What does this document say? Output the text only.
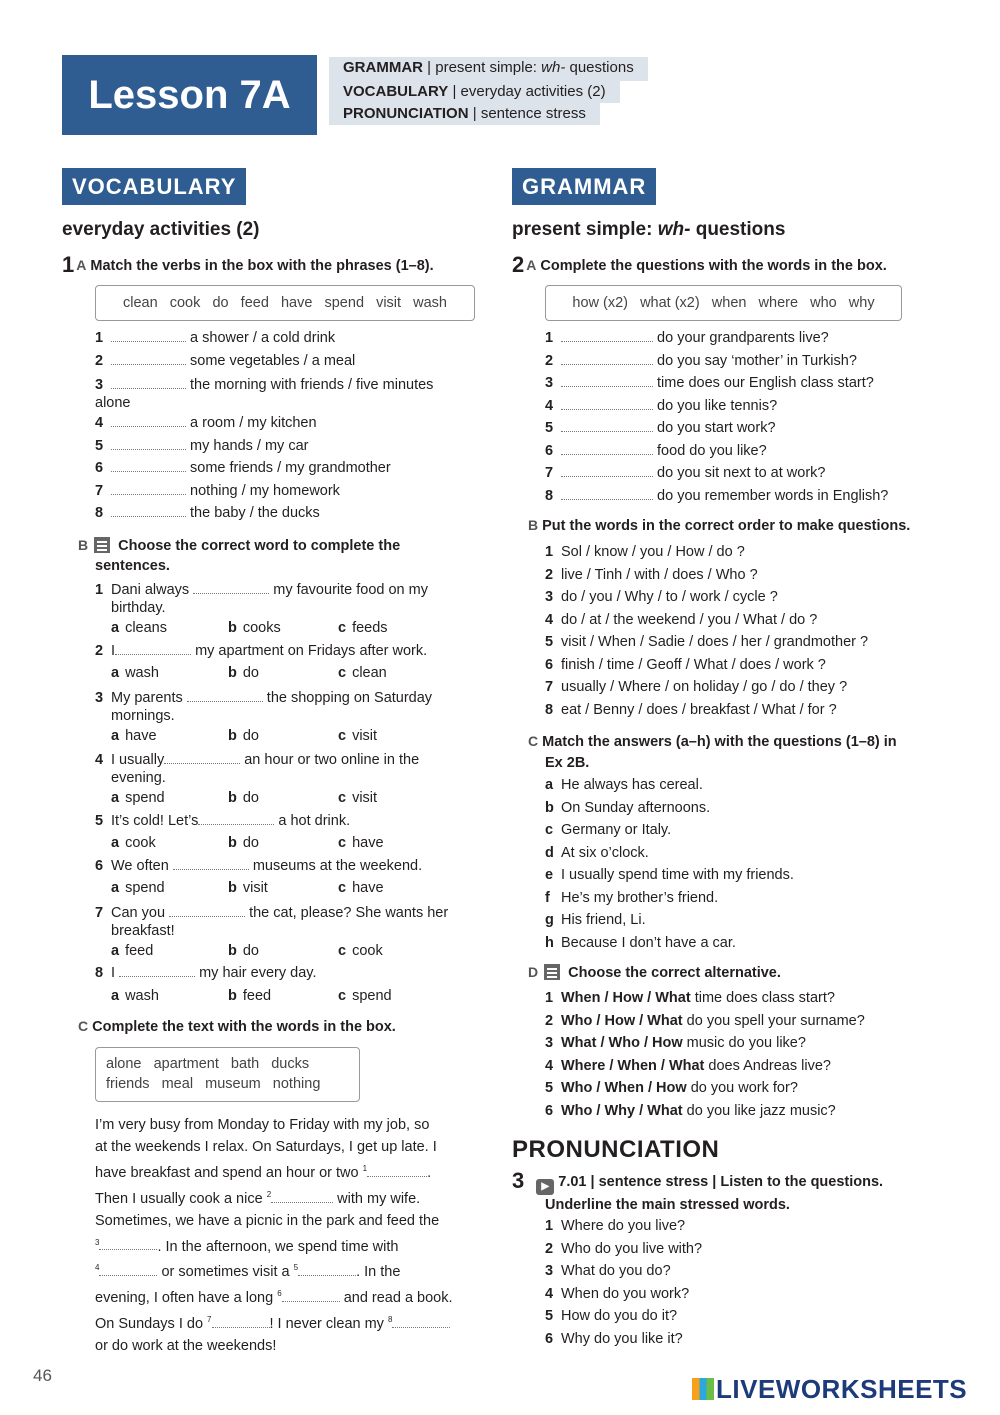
Lesson 7A
GRAMMAR | present simple: wh- questions
VOCABULARY | everyday activities (2)
PRONUNCIATION | sentence stress
VOCABULARY
everyday activities (2)
1 A Match the verbs in the box with the phrases (1–8).
clean   cook   do   feed   have   spend   visit   wash
1	a shower / a cold drink
2	some vegetables / a meal
3	the morning with friends / five minutes
alone
4	a room / my kitchen
5	my hands / my car
6	some friends / my grandmother
7	nothing / my homework
8	the baby / the ducks
B Choose the correct word to complete the
sentences.
1 Dani always	my favourite food on my
birthday.
a cleans	b cooks	c feeds
2 I	my apartment on Fridays after work.
a wash	b do	c clean
3 My parents	the shopping on Saturday
mornings.
a have	b do	c visit
4 I usually	an hour or two online in the
evening.
a spend	b do	c visit
5 It’s cold! Let’s	a hot drink.
a cook	b do	c have
6 We often	museums at the weekend.
a spend	b visit	c have
7 Can you	the cat, please? She wants her
breakfast!
a feed	b do	c cook
8 I	my hair every day.
a wash	b feed	c spend
C Complete the text with the words in the box.
alone   apartment   bath   ducks
friends   meal   museum   nothing
I’m very busy from Monday to Friday with my job, so
at the weekends I relax. On Saturdays, I get up late. I
have breakfast and spend an hour or two $^1$	.
Then I usually cook a nice $^2$	with my wife.
Sometimes, we have a picnic in the park and feed the
$^3$	. In the afternoon, we spend time with
$^4$	or sometimes visit a $^5$	. In the
evening, I often have a long $^6$	and read a book.
On Sundays I do $^7$	! I never clean my $^8$
or do work at the weekends!
GRAMMAR
present simple: wh- questions
2 A Complete the questions with the words in the box.
how (x2)   what (x2)   when   where   who   why
1	do your grandparents live?
2	do you say ‘mother’ in Turkish?
3	time does our English class start?
4	do you like tennis?
5	do you start work?
6	food do you like?
7	do you sit next to at work?
8	do you remember words in English?
B Put the words in the correct order to make questions.
1 Sol / know / you / How / do ?
2 live / Tinh / with / does / Who ?
3 do / you / Why / to / work / cycle ?
4 do / at / the weekend / you / What / do ?
5 visit / When / Sadie / does / her / grandmother ?
6 finish / time / Geoff / What / does / work ?
7 usually / Where / on holiday / go / do / they ?
8 eat / Benny / does / breakfast / What / for ?
C Match the answers (a–h) with the questions (1–8) in
Ex 2B.
a He always has cereal.
b On Sunday afternoons.
c Germany or Italy.
d At six o’clock.
e I usually spend time with my friends.
f He’s my brother’s friend.
g His friend, Li.
h Because I don’t have a car.
D Choose the correct alternative.
1 When / How / What time does class start?
2 Who / How / What do you spell your surname?
3 What / Who / How music do you like?
4 Where / When / What does Andreas live?
5 Who / When / How do you work for?
6 Who / Why / What do you like jazz music?
PRONUNCIATION
3 ▶ 7.01 | sentence stress | Listen to the questions.
Underline the main stressed words.
1 Where do you live?
2 Who do you live with?
3 What do you do?
4 When do you work?
5 How do you do it?
6 Why do you like it?
46	LIVEWORKSHEETS
